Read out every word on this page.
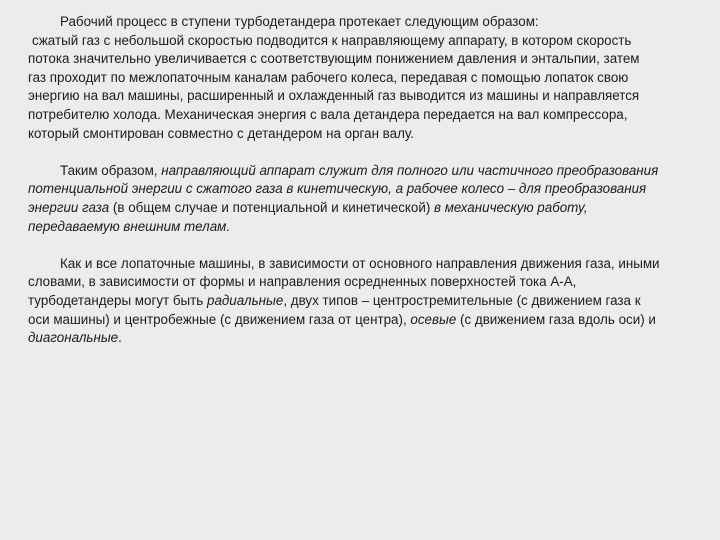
Рабочий процесс в ступени турбодетандера протекает следующим образом:
сжатый газ с небольшой скоростью подводится к направляющему аппарату, в котором скорость
потока значительно увеличивается с соответствующим понижением давления и энтальпии, затем
газ проходит по межлопаточным каналам рабочего колеса, передавая с помощью лопаток свою
энергию на вал машины, расширенный и охлажденный газ выводится из машины и направляется
потребителю холода. Механическая энергия с вала детандера передается на вал компрессора,
который смонтирован совместно с детандером на орган валу.
Таким образом, направляющий аппарат служит для полного или частичного преобразования
потенциальной энергии с сжатого газа в кинетическую, а рабочее колесо – для преобразования
энергии газа (в общем случае и потенциальной и кинетической) в механическую работу,
передаваемую внешним телам.
Как и все лопаточные машины, в зависимости от основного направления движения газа, иными
словами, в зависимости от формы и направления осредненных поверхностей тока А-А,
турбодетандеры могут быть радиальные, двух типов – центростремительные (с движением газа к
оси машины) и центробежные (с движением газа от центра), осевые (с движением газа вдоль оси) и
диагональные.
